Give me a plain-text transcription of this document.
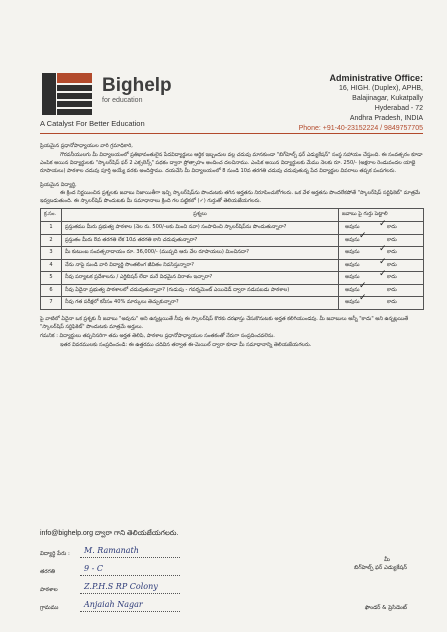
Bighelp
for education
A Catalyst For Better Education
Administrative Office:
16, HIGH. (Duplex), APHB,
Balajinagar, Kukatpally
Hyderabad - 72
Andhra Pradesh, INDIA
Phone: +91-40-23152224 / 9849757705

ప్రియమైన ప్రధానోపాధ్యాయుల వారి గ్రమాధికారి,

గౌరవనీయులగు మీ విద్యాలయంలో ప్రతిభావంతులైన పేదవిద్యార్థులు ఆర్థిక ఇబ్బందుల వల్ల చదువు మానకుండా "బిగ్‌హెల్ప్ ఫర్ ఎడ్యుకేషన్" సంస్థ సహాయం చేస్తుంది. ఈ సంవత్సరం కూడా ఎంపిక అయిన విద్యార్థులకు "స్కాలర్‌షిప్ ఫర్ 2 ఎక్సలెన్స్" పథకం ద్వారా ప్రోత్సాహం అందించ దలచినాము. ఎంపిక అయిన విద్యార్థులకు మేము నెలకు రూ. 250/- (అక్షరాల రెండువందల యాభై రూపాయలు) పాఠశాల చదువు పూర్తి అయ్యే వరకు అందిస్తాము. దయచేసి మీ విద్యాలయంలో 8 నుండి 10వ తరగతి చదువు చదువుతున్న పేద విద్యార్థుల వివరాలు తప్పక పంపగలరు.

ప్రియమైన విద్యార్థి,

ఈ క్రింద నిర్ణయించిన ప్రశ్నలకు జవాబు నిజాయితీగా ఇచ్చి స్కాలర్‌షిప్‌ను పొందుటకు తగిన అర్హతను నిరూపించుకోగలరు. ఒక వేళ అర్హతను పొందలేకపోతే "స్కాలర్‌షిప్ సర్టిఫికెట్" మాత్రమే ఇవ్వబడుతుంది. ఈ స్కాలర్‌షిప్ పొందుటకు మీ సమాధానాలు క్రింది గల పట్టికలో (✓) గుర్తుతో తెలియజేయగలరు.

క్ర.సం.	ప్రశ్నలు	జవాబు పై గుర్తు పెట్టాలి
1	ప్రస్తుతము మీరు ప్రభుత్వ పాఠశాల (నెల రు. 500/-లకు మించి నవా) సంపాదించి స్కాలర్‌షిప్‌ను పొందుతున్నారా?	అవును కాదు
✓

2	ప్రస్తుతం మీరు 8వ తరగతి లేక 10వ తరగతి కాని చదువుతున్నారా?	అవును కాదు
✓

3	మీ కుటుంబ సంవత్సరాదాయం రూ. 36,000/- (ముప్పది ఆరు వేల రూపాయలు) మించినదా?	అవును కాదు
✓

4	నేను నాపై నుండి వారి విద్యార్థి సొంతలింగ జీవితం నివసిస్తున్నారా?	అవును కాదు
✓

5	నీవు పర్యాటక ప్రదేశాలను / ఎగ్జిబిషన్ లేదా మరే విధమైన విరాళం ఇచ్చారా?	అవును కాదు
✓

6	నీవు ఏదైనా ప్రభుత్వ పాఠశాలలో చదువుతున్నావా? (గుడుపు - గవర్నమెంట్ ఎయిడెడ్ ద్వారా నడుపబడు పాఠశాల)	అవును కాదు
✓

7	నీవు గత పరీక్షలో కనీసం 40% మార్కులు తెచ్చుకున్నారా?	అవును కాదు
✓

పై వాటిలో ఏదైనా ఒక ప్రశ్నకు నీ జవాబు "అవును" అని ఉన్నట్లయితే నీవు ఈ స్కాలర్‌షిప్ కొరకు దరఖాస్తు చేసుకొనుటకు అర్హత కలిగియుండవు. మీ జవాబులు అన్నీ "కాదు" అని ఉన్నట్లయితే "స్కాలర్‌షిప్ సర్టిఫికెట్" పొందుటకు మాత్రమే అర్హులు.

గమనిక : విద్యార్థులు తప్పనిసరిగా తమ అర్హత తెలిపి, పాఠశాల ప్రధానోపాధ్యాయుల సంతకంతో నేరుగా సంప్రదించవలెను.

ఇతర వివరములకు సంప్రదించండి: ఈ ఉత్తరము చదివిన తర్వాత ఈ-మెయిల్ ద్వారా కూడా మీ సమాధానాన్ని తెలియజేయగలరు.

info@bighelp.org ద్వారా గాని తెలియజేయగలరు.
విద్యార్థి పేరు : M. Ramanath
తరగతి	9 - C
పాఠశాల	Z.P.H.S RP Colony
గ్రామము	Anjaiah Nagar
మీ
బిగ్‌హెల్ప్ ఫర్ ఎడ్యుకేషన్
ఫౌండర్ & ప్రెసిడెంట్
